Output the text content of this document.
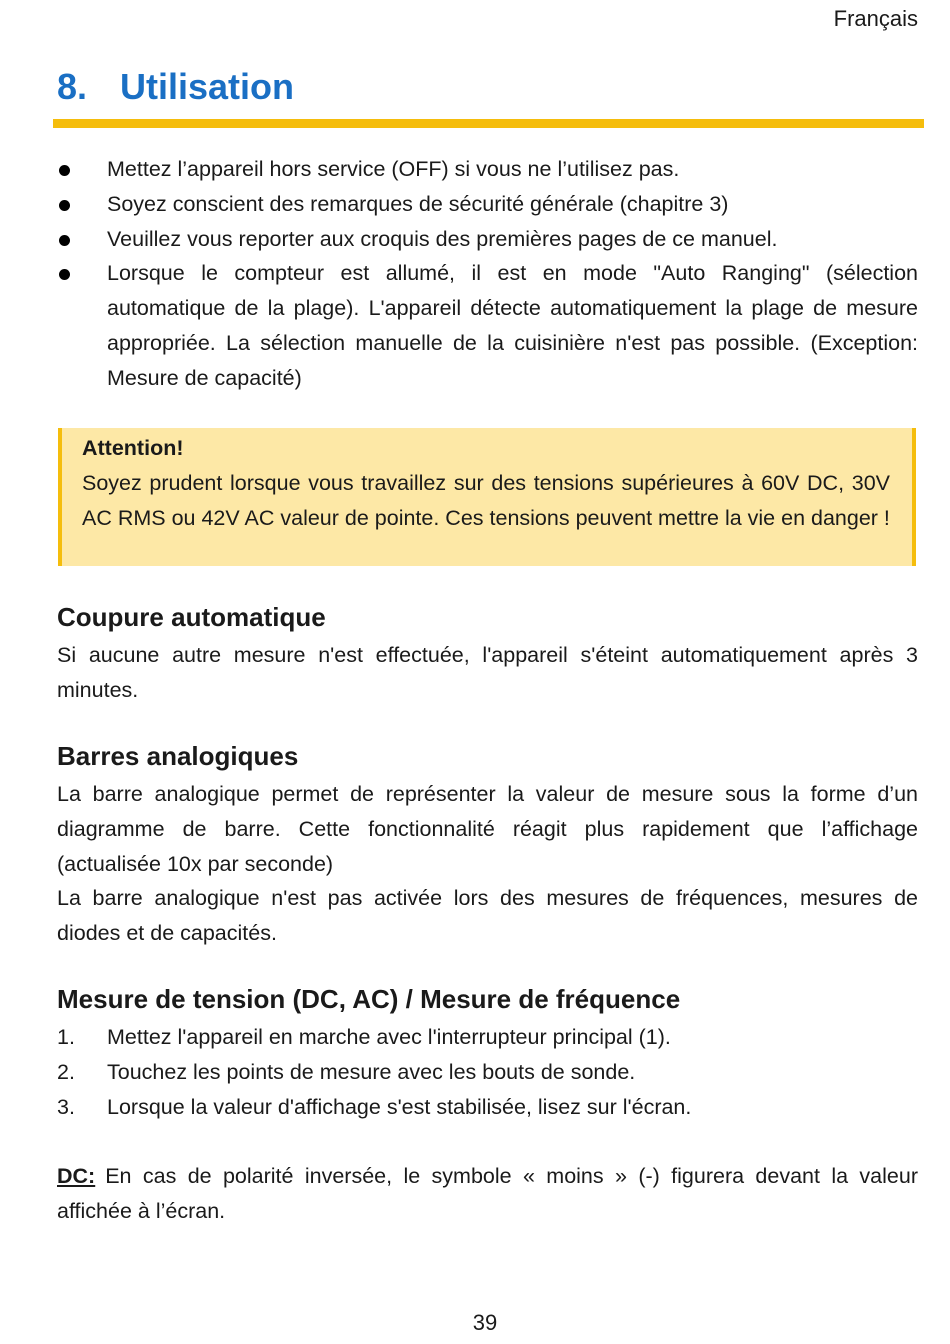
Français
8. Utilisation
Mettez l’appareil hors service (OFF) si vous ne l’utilisez pas.
Soyez conscient des remarques de sécurité générale (chapitre 3)
Veuillez vous reporter aux croquis des premières pages de ce manuel.
Lorsque le compteur est allumé, il est en mode "Auto Ranging" (sélection automatique de la plage). L'appareil détecte automatiquement la plage de mesure appropriée. La sélection manuelle de la cuisinière n'est pas possible. (Exception: Mesure de capacité)
Attention!
Soyez prudent lorsque vous travaillez sur des tensions supérieures à 60V DC, 30V AC RMS ou 42V AC valeur de pointe. Ces tensions peuvent mettre la vie en danger !
Coupure automatique

Si aucune autre mesure n'est effectuée, l'appareil s'éteint automatiquement après 3 minutes.

Barres analogiques

La barre analogique permet de représenter la valeur de mesure sous la forme d’un diagramme de barre. Cette fonctionnalité réagit plus rapidement que l’affichage (actualisée 10x par seconde)

La barre analogique n'est pas activée lors des mesures de fréquences, mesures de diodes et de capacités.

Mesure de tension (DC, AC) / Mesure de fréquence
1. Mettez l'appareil en marche avec l'interrupteur principal (1).
2. Touchez les points de mesure avec les bouts de sonde.
3. Lorsque la valeur d'affichage s'est stabilisée, lisez sur l'écran.

DC: En cas de polarité inversée, le symbole « moins » (-) figurera devant la valeur affichée à l’écran.

39
